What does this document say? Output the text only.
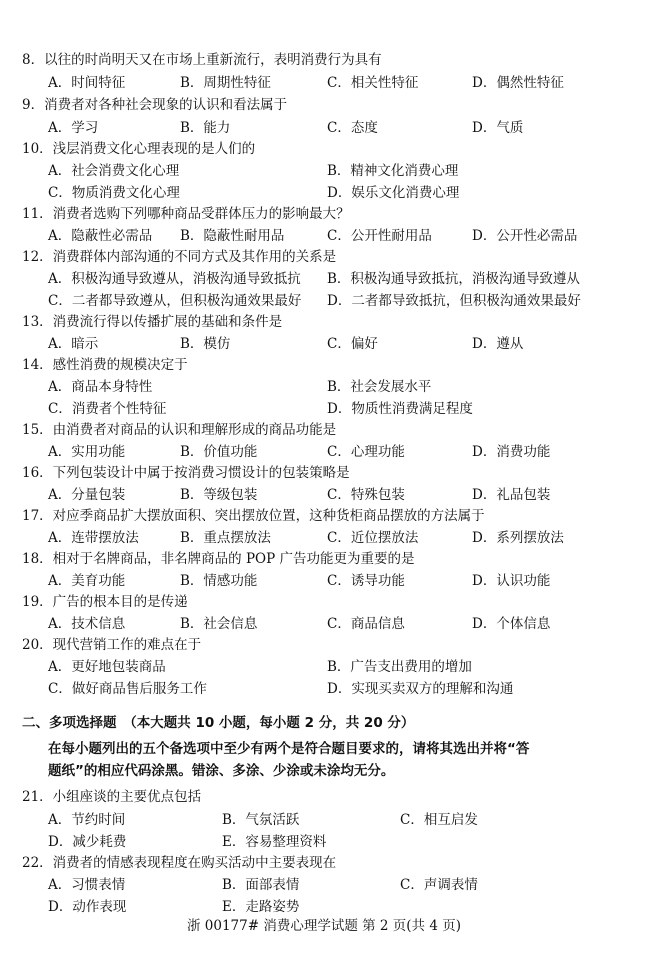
8．以往的时尚明天又在市场上重新流行，表明消费行为具有
A．时间特征	B．周期性特征	C．相关性特征	D．偶然性特征
9．消费者对各种社会现象的认识和看法属于
A．学习	B．能力	C．态度	D．气质
10．浅层消费文化心理表现的是人们的
A．社会消费文化心理	B．精神文化消费心理
C．物质消费文化心理	D．娱乐文化消费心理
11．消费者选购下列哪种商品受群体压力的影响最大？
A．隐蔽性必需品 B．隐蔽性耐用品	C．公开性耐用品	D．公开性必需品
12．消费群体内部沟通的不同方式及其作用的关系是
A．积极沟通导致遵从，消极沟通导致抵抗 B．积极沟通导致抵抗，消极沟通导致遵从
C．二者都导致遵从，但积极沟通效果最好 D．二者都导致抵抗，但积极沟通效果最好
13．消费流行得以传播扩展的基础和条件是
A．暗示	B．模仿	C．偏好	D．遵从
14．感性消费的规模决定于
A．商品本身特性	B．社会发展水平
C．消费者个性特征	D．物质性消费满足程度
15．由消费者对商品的认识和理解形成的商品功能是
A．实用功能	B．价值功能	C．心理功能	D．消费功能
16．下列包装设计中属于按消费习惯设计的包装策略是
A．分量包装	B．等级包装	C．特殊包装	D．礼品包装
17．对应季商品扩大摆放面积、突出摆放位置，这种货柜商品摆放的方法属于
A．连带摆放法	B．重点摆放法	C．近位摆放法	D．系列摆放法
18．相对于名牌商品，非名牌商品的 POP 广告功能更为重要的是
A．美育功能	B．情感功能	C．诱导功能	D．认识功能
19．广告的根本目的是传递
A．技术信息	B．社会信息	C．商品信息	D．个体信息
20．现代营销工作的难点在于
A．更好地包装商品	B．广告支出费用的增加
C．做好商品售后服务工作	D．实现买卖双方的理解和沟通
二、多项选择题　（本大题共 10 小题，每小题 2 分，共 20 分）
在每小题列出的五个备选项中至少有两个是符合题目要求的，请将其选出并将“答
题纸”的相应代码涂黑。错涂、多涂、少涂或未涂均无分。
21．小组座谈的主要优点包括
A．节约时间	B．气氛活跃	C．相互启发
D．减少耗费	E．容易整理资料
22．消费者的情感表现程度在购买活动中主要表现在
A．习惯表情	B．面部表情	C．声调表情
D．动作表现	E．走路姿势
浙 00177# 消费心理学试题 第 2 页(共 4 页)
